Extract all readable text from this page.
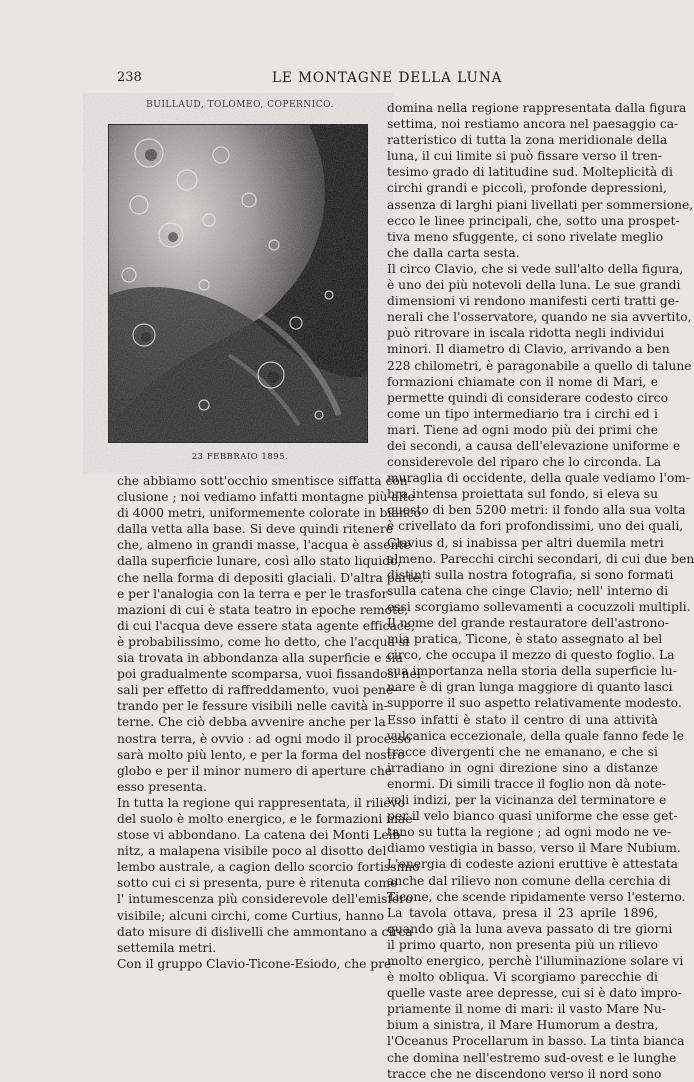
238	LE MONTAGNE DELLA LUNA
BUILLAUD, TOLOMEO, COPERNICO.
23 FEBBRAIO 1895.
che abbiamo sott'occhio smentisce siffatta con-
clusione ; noi vediamo infatti montagne più alte
di 4000 metri, uniformemente colorate in bianco
dalla vetta alla base. Si deve quindi ritenere
che, almeno in grandi masse, l'acqua è assente
dalla superficie lunare, così allo stato liquido,
che nella forma di depositi glaciali. D'altra parte,
e per l'analogia con la terra e per le trasfor-
mazioni di cui è stata teatro in epoche remote,
di cui l'acqua deve essere stata agente efficace,
è probabilissimo, come ho detto, che l'acqua si
sia trovata in abbondanza alla superficie e sia
poi gradualmente scomparsa, vuoi fissandosi nei
sali per effetto di raffreddamento, vuoi pene-
trando per le fessure visibili nelle cavità in-
terne. Che ciò debba avvenire anche per la
nostra terra, è ovvio : ad ogni modo il processo
sarà molto più lento, e per la forma del nostro
globo e per il minor numero di aperture che
esso presenta.
In tutta la regione qui rappresentata, il rilievo
del suolo è molto energico, e le formazioni mae-
stose vi abbondano. La catena dei Monti Leib-
nitz, a malapena visibile poco al disotto del
lembo australe, a cagion dello scorcio fortissimo
sotto cui ci si presenta, pure è ritenuta come
l' intumescenza più considerevole dell'emisfero
visibile; alcuni circhi, come Curtius, hanno
dato misure di dislivelli che ammontano a circa
settemila metri.
Con il gruppo Clavio-Ticone-Esiodo, che pre-
domina nella regione rappresentata dalla figura
settima, noi restiamo ancora nel paesaggio ca-
ratteristico di tutta la zona meridionale della
luna, il cui limite si può fissare verso il tren-
tesimo grado di latitudine sud. Molteplicità di
circhi grandi e piccoli, profonde depressioni,
assenza di larghi piani livellati per sommersione,
ecco le linee principali, che, sotto una prospet-
tiva meno sfuggente, ci sono rivelate meglio
che dalla carta sesta.
Il circo Clavio, che si vede sull'alto della figura,
è uno dei più notevoli della luna. Le sue grandi
dimensioni vi rendono manifesti certi tratti ge-
nerali che l'osservatore, quando ne sia avvertito,
può ritrovare in iscala ridotta negli individui
minori. Il diametro di Clavio, arrivando a ben
228 chilometri, è paragonabile a quello di talune
formazioni chiamate con il nome di Mari, e
permette quindi di considerare codesto circo
come un tipo intermediario tra i circhi ed i
mari. Tiene ad ogni modo più dei primi che
dei secondi, a causa dell'elevazione uniforme e
considerevole del riparo che lo circonda. La
muraglia di occidente, della quale vediamo l'om-
bra intensa proiettata sul fondo, si eleva su
questo di ben 5200 metri: il fondo alla sua volta
è crivellato da fori profondissimi, uno dei quali,
Clavius d, si inabissa per altri duemila metri
almeno. Parecchi circhi secondari, di cui due ben
distinti sulla nostra fotografia, si sono formati
sulla catena che cinge Clavio; nell' interno di
essi scorgiamo sollevamenti a cocuzzoli multipli.
Il nome del grande restauratore dell'astrono-
mia pratica, Ticone, è stato assegnato al bel
circo, che occupa il mezzo di questo foglio. La
sua importanza nella storia della superficie lu-
nare è di gran lunga maggiore di quanto lasci
supporre il suo aspetto relativamente modesto.
Esso infatti è stato il centro di una attività
vulcanica eccezionale, della quale fanno fede le
tracce divergenti che ne emanano, e che si
irradiano in ogni direzione sino a distanze
enormi. Di simili tracce il foglio non dà note-
voli indizi, per la vicinanza del terminatore e
per il velo bianco quasi uniforme che esse get-
tano su tutta la regione ; ad ogni modo ne ve-
diamo vestigia in basso, verso il Mare Nubium.
L'energia di codeste azioni eruttive è attestata
anche dal rilievo non comune della cerchia di
Ticone, che scende ripidamente verso l'esterno.
La tavola ottava, presa il 23 aprile 1896,
quando già la luna aveva passato di tre giorni
il primo quarto, non presenta più un rilievo
molto energico, perchè l'illuminazione solare vi
è molto obliqua. Vi scorgiamo parecchie di
quelle vaste aree depresse, cui si è dato impro-
priamente il nome di mari: il vasto Mare Nu-
bium a sinistra, il Mare Humorum a destra,
l'Oceanus Procellarum in basso. La tinta bianca
che domina nell'estremo sud-ovest e le lunghe
tracce che ne discendono verso il nord sono
